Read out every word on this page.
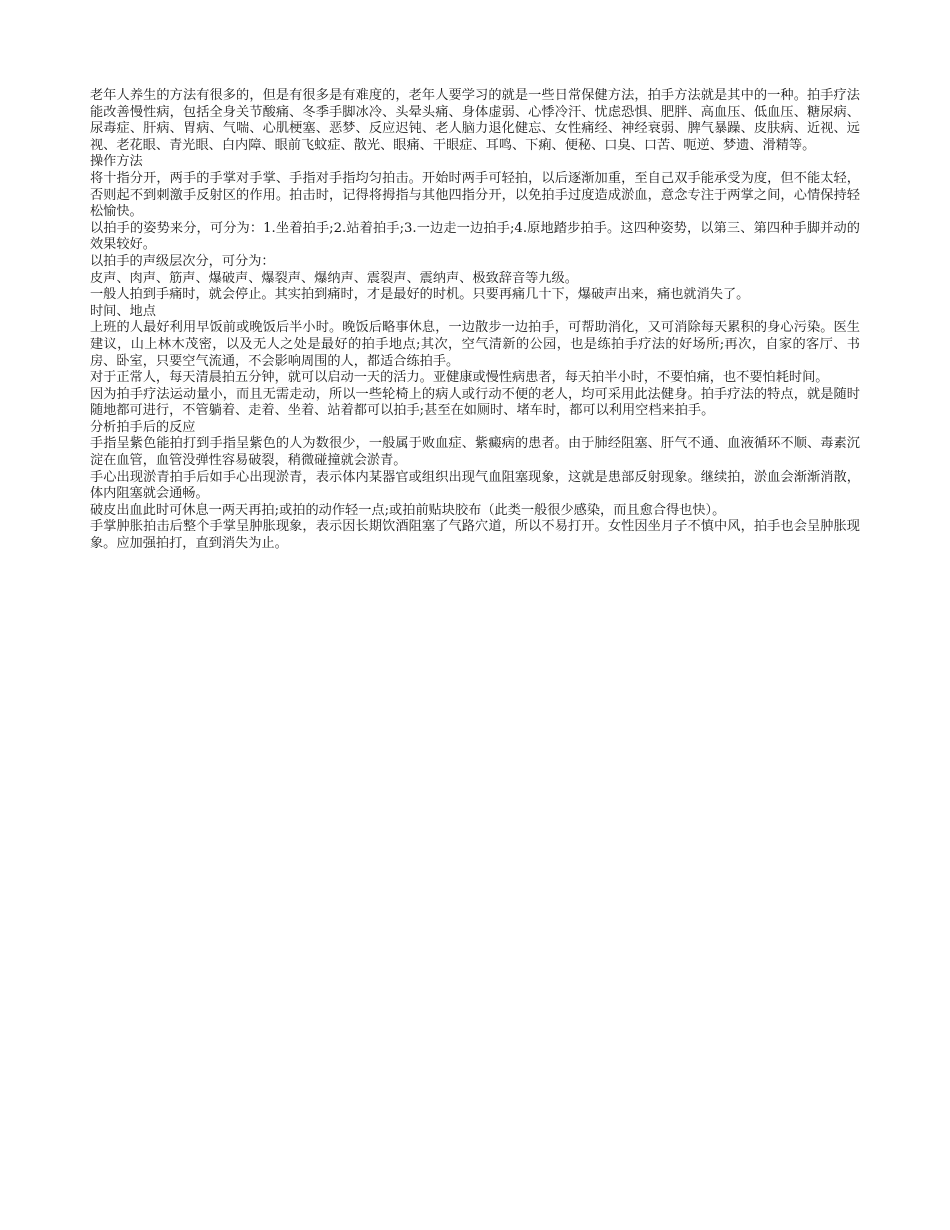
老年人养生的方法有很多的，但是有很多是有难度的，老年人要学习的就是一些日常保健方法，拍手方法就是其中的一种。拍手疗法能改善慢性病，包括全身关节酸痛、冬季手脚冰冷、头晕头痛、身体虚弱、心悸冷汗、忧虑恐惧、肥胖、高血压、低血压、糖尿病、尿毒症、肝病、胃病、气喘、心肌梗塞、恶梦、反应迟钝、老人脑力退化健忘、女性痛经、神经衰弱、脾气暴躁、皮肤病、近视、远视、老花眼、青光眼、白内障、眼前飞蚊症、散光、眼痛、干眼症、耳鸣、下痢、便秘、口臭、口苦、呃逆、梦遗、滑精等。

操作方法

将十指分开，两手的手掌对手掌、手指对手指均匀拍击。开始时两手可轻拍，以后逐渐加重，至自己双手能承受为度，但不能太轻，否则起不到刺激手反射区的作用。拍击时，记得将拇指与其他四指分开，以免拍手过度造成淤血，意念专注于两掌之间，心情保持轻松愉快。

以拍手的姿势来分，可分为：1.坐着拍手;2.站着拍手;3.一边走一边拍手;4.原地踏步拍手。这四种姿势，以第三、第四种手脚并动的效果较好。

以拍手的声级层次分，可分为：

皮声、肉声、筋声、爆破声、爆裂声、爆纳声、震裂声、震纳声、极致辞音等九级。

一般人拍到手痛时，就会停止。其实拍到痛时，才是最好的时机。只要再痛几十下，爆破声出来，痛也就消失了。

时间、地点

上班的人最好利用早饭前或晚饭后半小时。晚饭后略事休息，一边散步一边拍手，可帮助消化，又可消除每天累积的身心污染。医生建议，山上林木茂密，以及无人之处是最好的拍手地点;其次，空气清新的公园，也是练拍手疗法的好场所;再次，自家的客厅、书房、卧室，只要空气流通，不会影响周围的人，都适合练拍手。

对于正常人，每天清晨拍五分钟，就可以启动一天的活力。亚健康或慢性病患者，每天拍半小时，不要怕痛，也不要怕耗时间。

因为拍手疗法运动量小，而且无需走动，所以一些轮椅上的病人或行动不便的老人，均可采用此法健身。拍手疗法的特点，就是随时随地都可进行，不管躺着、走着、坐着、站着都可以拍手;甚至在如厕时、堵车时，都可以利用空档来拍手。

分析拍手后的反应

手指呈紫色能拍打到手指呈紫色的人为数很少，一般属于败血症、紫癜病的患者。由于肺经阻塞、肝气不通、血液循环不顺、毒素沉淀在血管，血管没弹性容易破裂，稍微碰撞就会淤青。

手心出现淤青拍手后如手心出现淤青，表示体内某器官或组织出现气血阻塞现象，这就是患部反射现象。继续拍，淤血会渐渐消散，体内阻塞就会通畅。

破皮出血此时可休息一两天再拍;或拍的动作轻一点;或拍前贴块胶布（此类一般很少感染，而且愈合得也快）。

手掌肿胀拍击后整个手掌呈肿胀现象，表示因长期饮酒阻塞了气路穴道，所以不易打开。女性因坐月子不慎中风，拍手也会呈肿胀现象。应加强拍打，直到消失为止。
